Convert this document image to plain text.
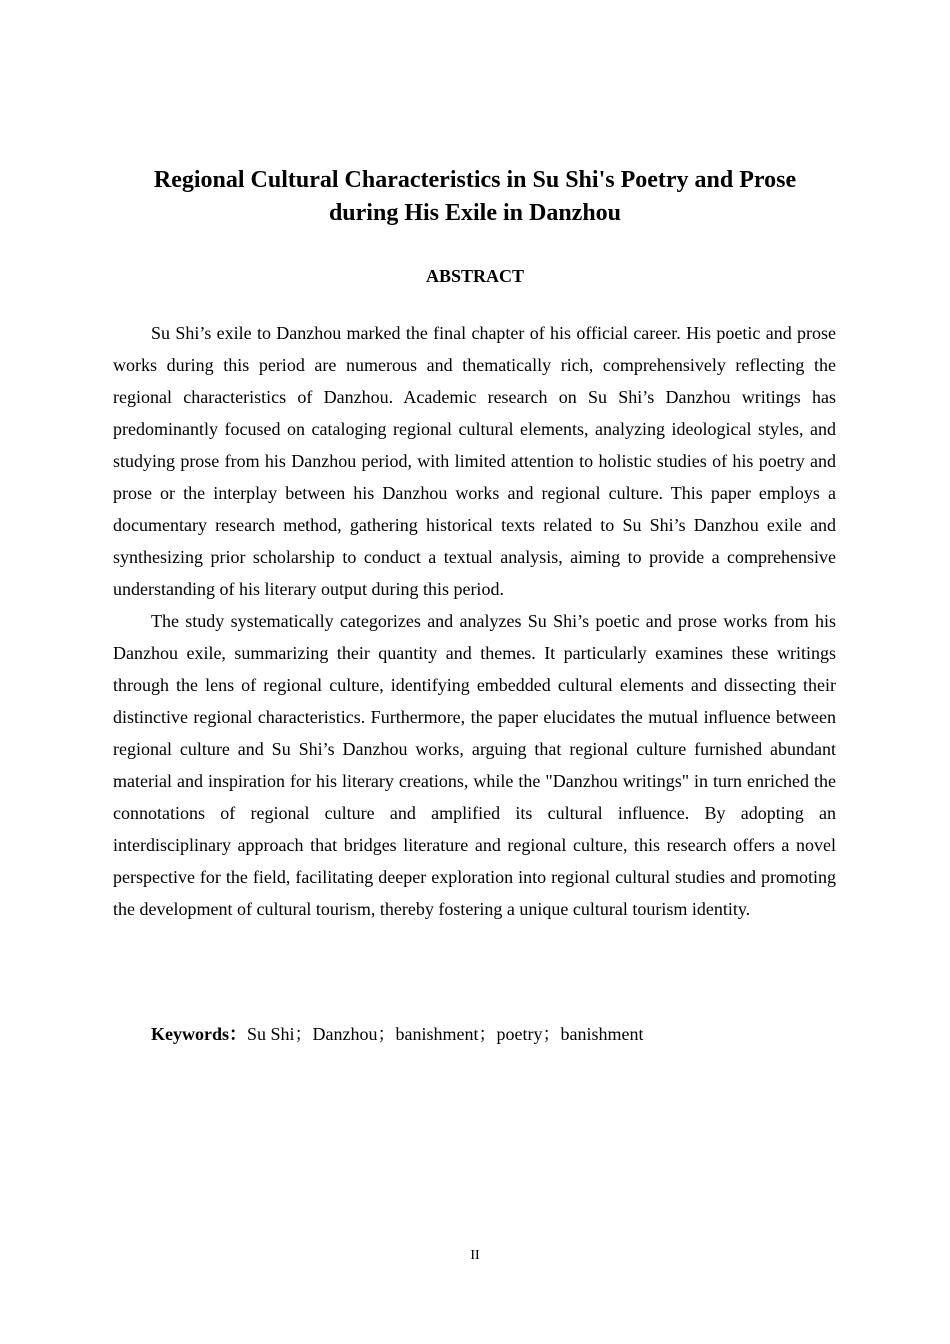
Regional Cultural Characteristics in Su Shi's Poetry and Prose
during His Exile in Danzhou
ABSTRACT

Su Shi’s exile to Danzhou marked the final chapter of his official career. His poetic and prose works during this period are numerous and thematically rich, comprehensively reflecting the regional characteristics of Danzhou. Academic research on Su Shi’s Danzhou writings has predominantly focused on cataloging regional cultural elements, analyzing ideological styles, and studying prose from his Danzhou period, with limited attention to holistic studies of his poetry and prose or the interplay between his Danzhou works and regional culture. This paper employs a documentary research method, gathering historical texts related to Su Shi’s Danzhou exile and synthesizing prior scholarship to conduct a textual analysis, aiming to provide a comprehensive understanding of his literary output during this period.

The study systematically categorizes and analyzes Su Shi’s poetic and prose works from his Danzhou exile, summarizing their quantity and themes. It particularly examines these writings through the lens of regional culture, identifying embedded cultural elements and dissecting their distinctive regional characteristics. Furthermore, the paper elucidates the mutual influence between regional culture and Su Shi’s Danzhou works, arguing that regional culture furnished abundant material and inspiration for his literary creations, while the "Danzhou writings" in turn enriched the connotations of regional culture and amplified its cultural influence. By adopting an interdisciplinary approach that bridges literature and regional culture, this research offers a novel perspective for the field, facilitating deeper exploration into regional cultural studies and promoting the development of cultural tourism, thereby fostering a unique cultural tourism identity.

Keywords：Su Shi；Danzhou；banishment；poetry；banishment
II
